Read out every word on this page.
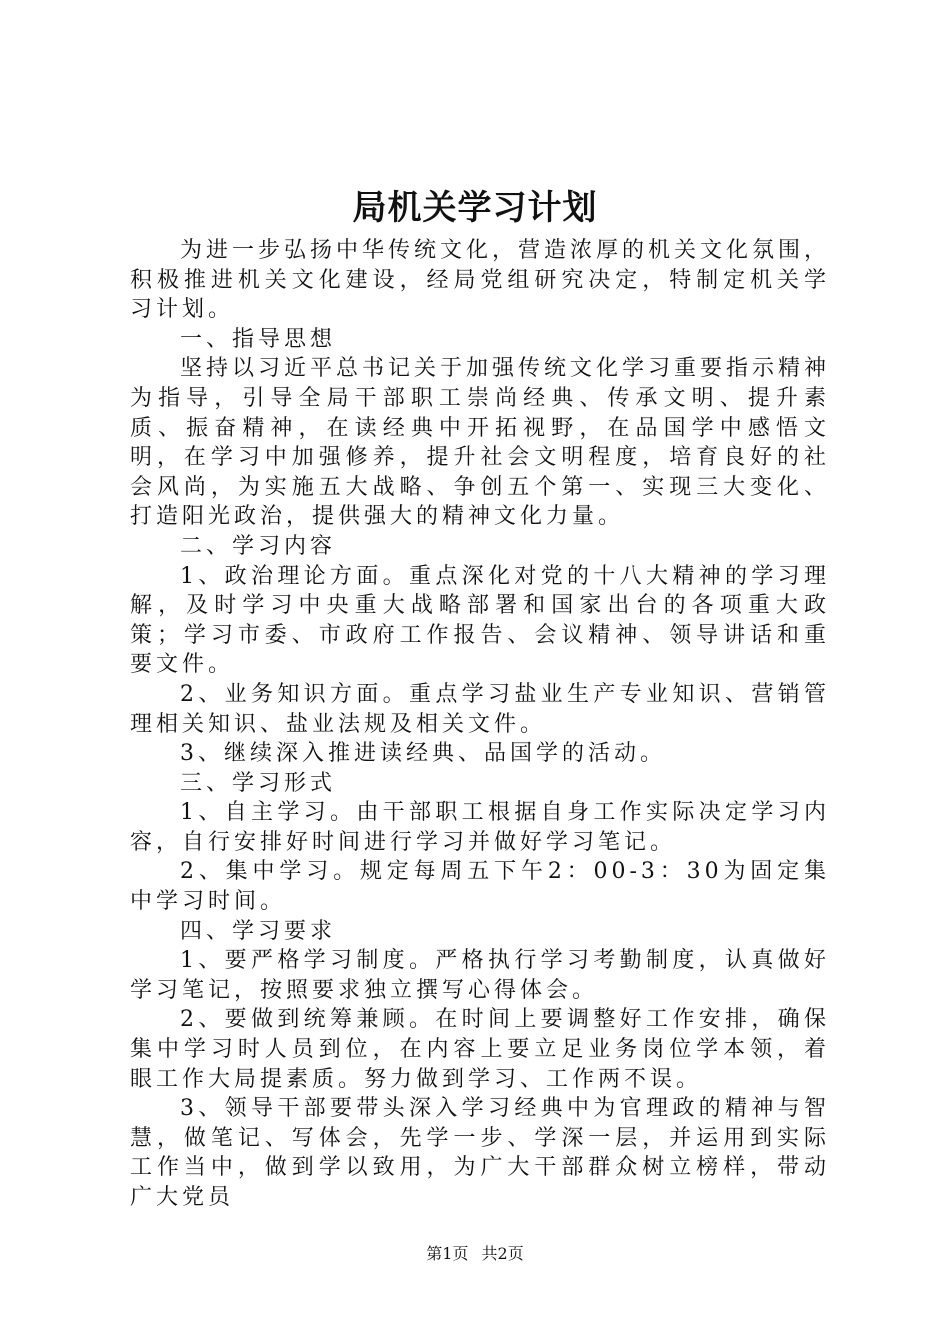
局机关学习计划

为进一步弘扬中华传统文化，营造浓厚的机关文化氛围，积极推进机关文化建设，经局党组研究决定，特制定机关学习计划。

一、指导思想

坚持以习近平总书记关于加强传统文化学习重要指示精神为指导，引导全局干部职工崇尚经典、传承文明、提升素质、振奋精神，在读经典中开拓视野，在品国学中感悟文明，在学习中加强修养，提升社会文明程度，培育良好的社会风尚，为实施五大战略、争创五个第一、实现三大变化、打造阳光政治，提供强大的精神文化力量。

二、学习内容

1、政治理论方面。重点深化对党的十八大精神的学习理解，及时学习中央重大战略部署和国家出台的各项重大政策；学习市委、市政府工作报告、会议精神、领导讲话和重要文件。

2、业务知识方面。重点学习盐业生产专业知识、营销管理相关知识、盐业法规及相关文件。

3、继续深入推进读经典、品国学的活动。

三、学习形式

1、自主学习。由干部职工根据自身工作实际决定学习内容，自行安排好时间进行学习并做好学习笔记。

2、集中学习。规定每周五下午2：00-3：30为固定集中学习时间。

四、学习要求

1、要严格学习制度。严格执行学习考勤制度，认真做好学习笔记，按照要求独立撰写心得体会。

2、要做到统筹兼顾。在时间上要调整好工作安排，确保集中学习时人员到位，在内容上要立足业务岗位学本领，着眼工作大局提素质。努力做到学习、工作两不误。

3、领导干部要带头深入学习经典中为官理政的精神与智慧，做笔记、写体会，先学一步、学深一层，并运用到实际工作当中，做到学以致用，为广大干部群众树立榜样，带动广大党员

第1页 共2页
